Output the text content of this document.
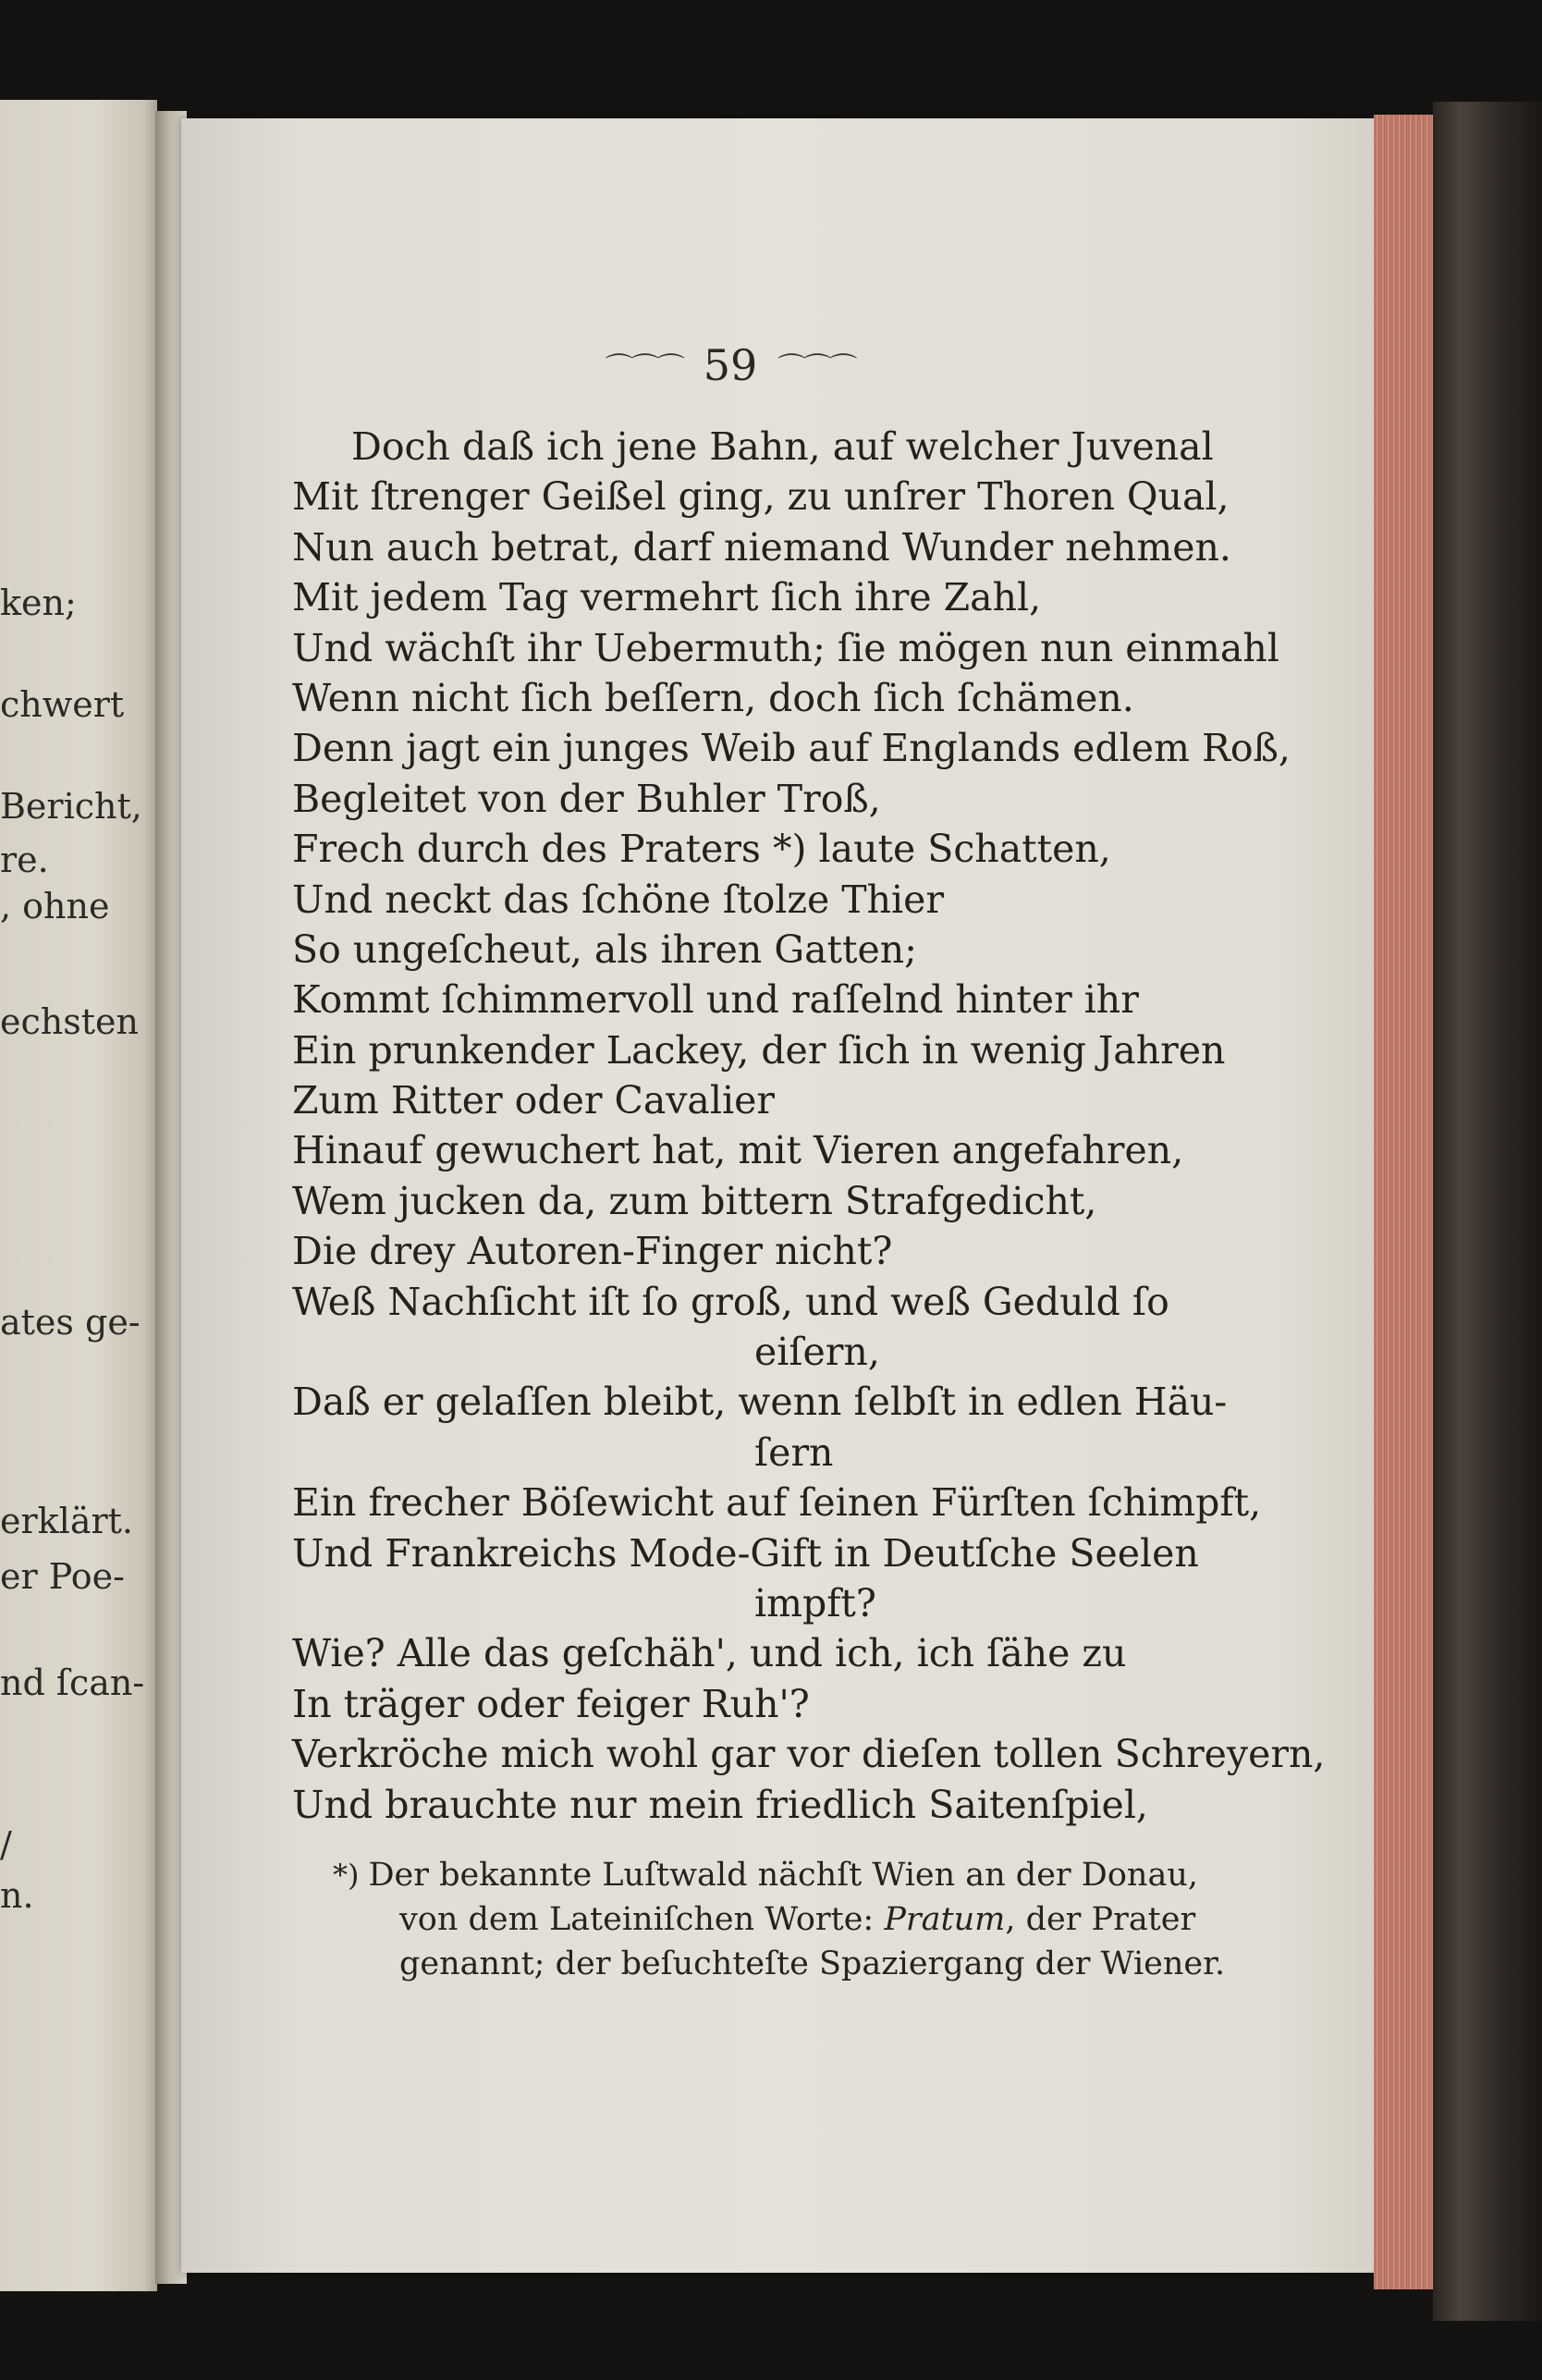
ken;
chwert
Bericht,
re.
, ohne
echsten
ates ge-
erklärt.
er Poe-
nd ſcan-
/
n.
⌒⌒⌒ 59 ⌒⌒⌒
Doch daß ich jene Bahn, auf welcher Juvenal
Mit ſtrenger Geißel ging, zu unſrer Thoren Qual,
Nun auch betrat, darf niemand Wunder nehmen.
Mit jedem Tag vermehrt ſich ihre Zahl,
Und wächſt ihr Uebermuth; ſie mögen nun einmahl
Wenn nicht ſich beſſern, doch ſich ſchämen.
Denn jagt ein junges Weib auf Englands edlem Roß,
Begleitet von der Buhler Troß,
Frech durch des Praters *) laute Schatten,
Und neckt das ſchöne ſtolze Thier
So ungeſcheut, als ihren Gatten;
Kommt ſchimmervoll und raſſelnd hinter ihr
Ein prunkender Lackey, der ſich in wenig Jahren
Zum Ritter oder Cavalier
Hinauf gewuchert hat, mit Vieren angefahren,
Wem jucken da, zum bittern Strafgedicht,
Die drey Autoren-Finger nicht?
Weß Nachſicht iſt ſo groß, und weß Geduld ſo
eiſern,
Daß er gelaſſen bleibt, wenn ſelbſt in edlen Häu-
ſern
Ein frecher Böſewicht auf ſeinen Fürſten ſchimpft,
Und Frankreichs Mode-Gift in Deutſche Seelen
impft?
Wie? Alle das geſchäh', und ich, ich ſähe zu
In träger oder feiger Ruh'?
Verkröche mich wohl gar vor dieſen tollen Schreyern,
Und brauchte nur mein friedlich Saitenſpiel,
*) Der bekannte Luſtwald nächſt Wien an der Donau,
von dem Lateiniſchen Worte: Pratum, der Prater
genannt; der beſuchteſte Spaziergang der Wiener.
